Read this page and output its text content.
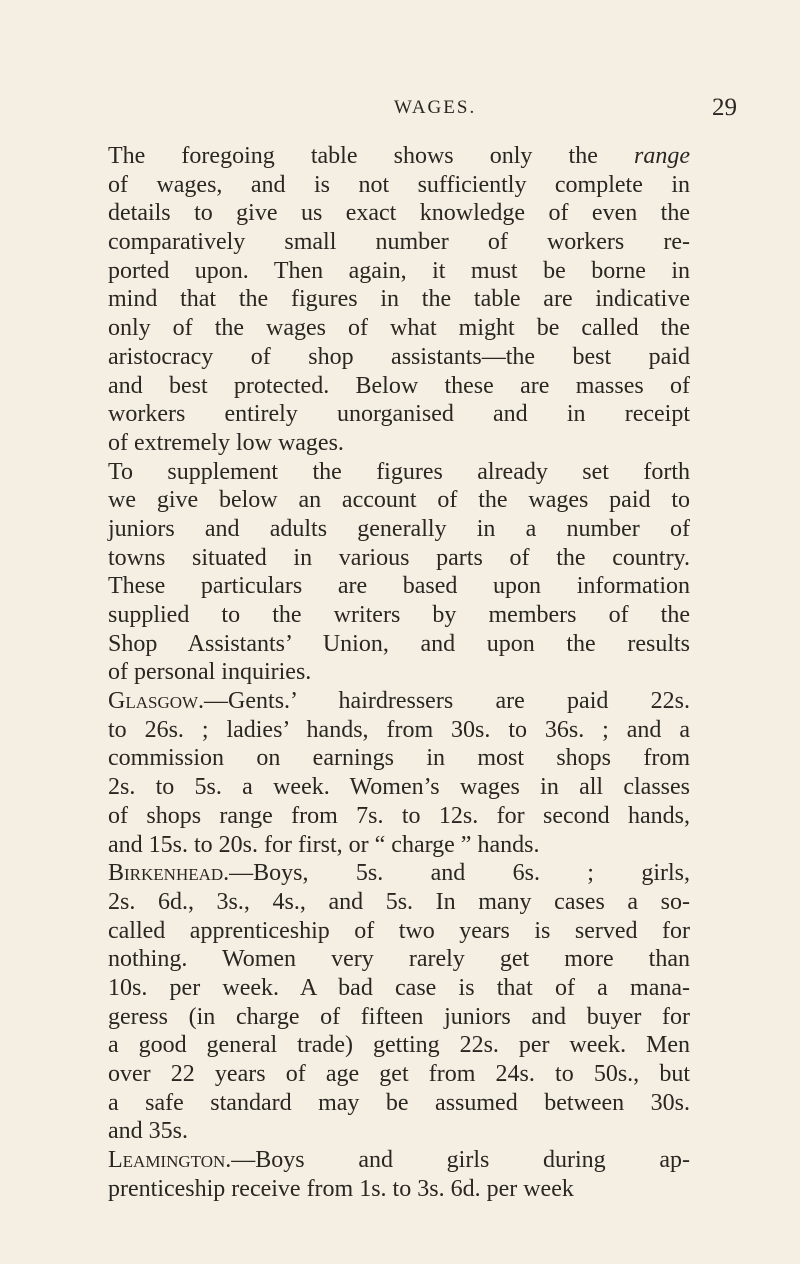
WAGES.	29
The foregoing table shows only the range
of wages, and is not sufficiently complete in
details to give us exact knowledge of even the
comparatively small number of workers re-
ported upon. Then again, it must be borne in
mind that the figures in the table are indicative
only of the wages of what might be called the
aristocracy of shop assistants—the best paid
and best protected. Below these are masses of
workers entirely unorganised and in receipt
of extremely low wages.
To supplement the figures already set forth
we give below an account of the wages paid to
juniors and adults generally in a number of
towns situated in various parts of the country.
These particulars are based upon information
supplied to the writers by members of the
Shop Assistants’ Union, and upon the results
of personal inquiries.
Glasgow.—Gents.’ hairdressers are paid 22s.
to 26s. ; ladies’ hands, from 30s. to 36s. ; and a
commission on earnings in most shops from
2s. to 5s. a week. Women’s wages in all classes
of shops range from 7s. to 12s. for second hands,
and 15s. to 20s. for first, or “ charge ” hands.
Birkenhead.—Boys, 5s. and 6s. ; girls,
2s. 6d., 3s., 4s., and 5s. In many cases a so-
called apprenticeship of two years is served for
nothing. Women very rarely get more than
10s. per week. A bad case is that of a mana-
geress (in charge of fifteen juniors and buyer for
a good general trade) getting 22s. per week. Men
over 22 years of age get from 24s. to 50s., but
a safe standard may be assumed between 30s.
and 35s.
Leamington.—Boys and girls during ap-
prenticeship receive from 1s. to 3s. 6d. per week
